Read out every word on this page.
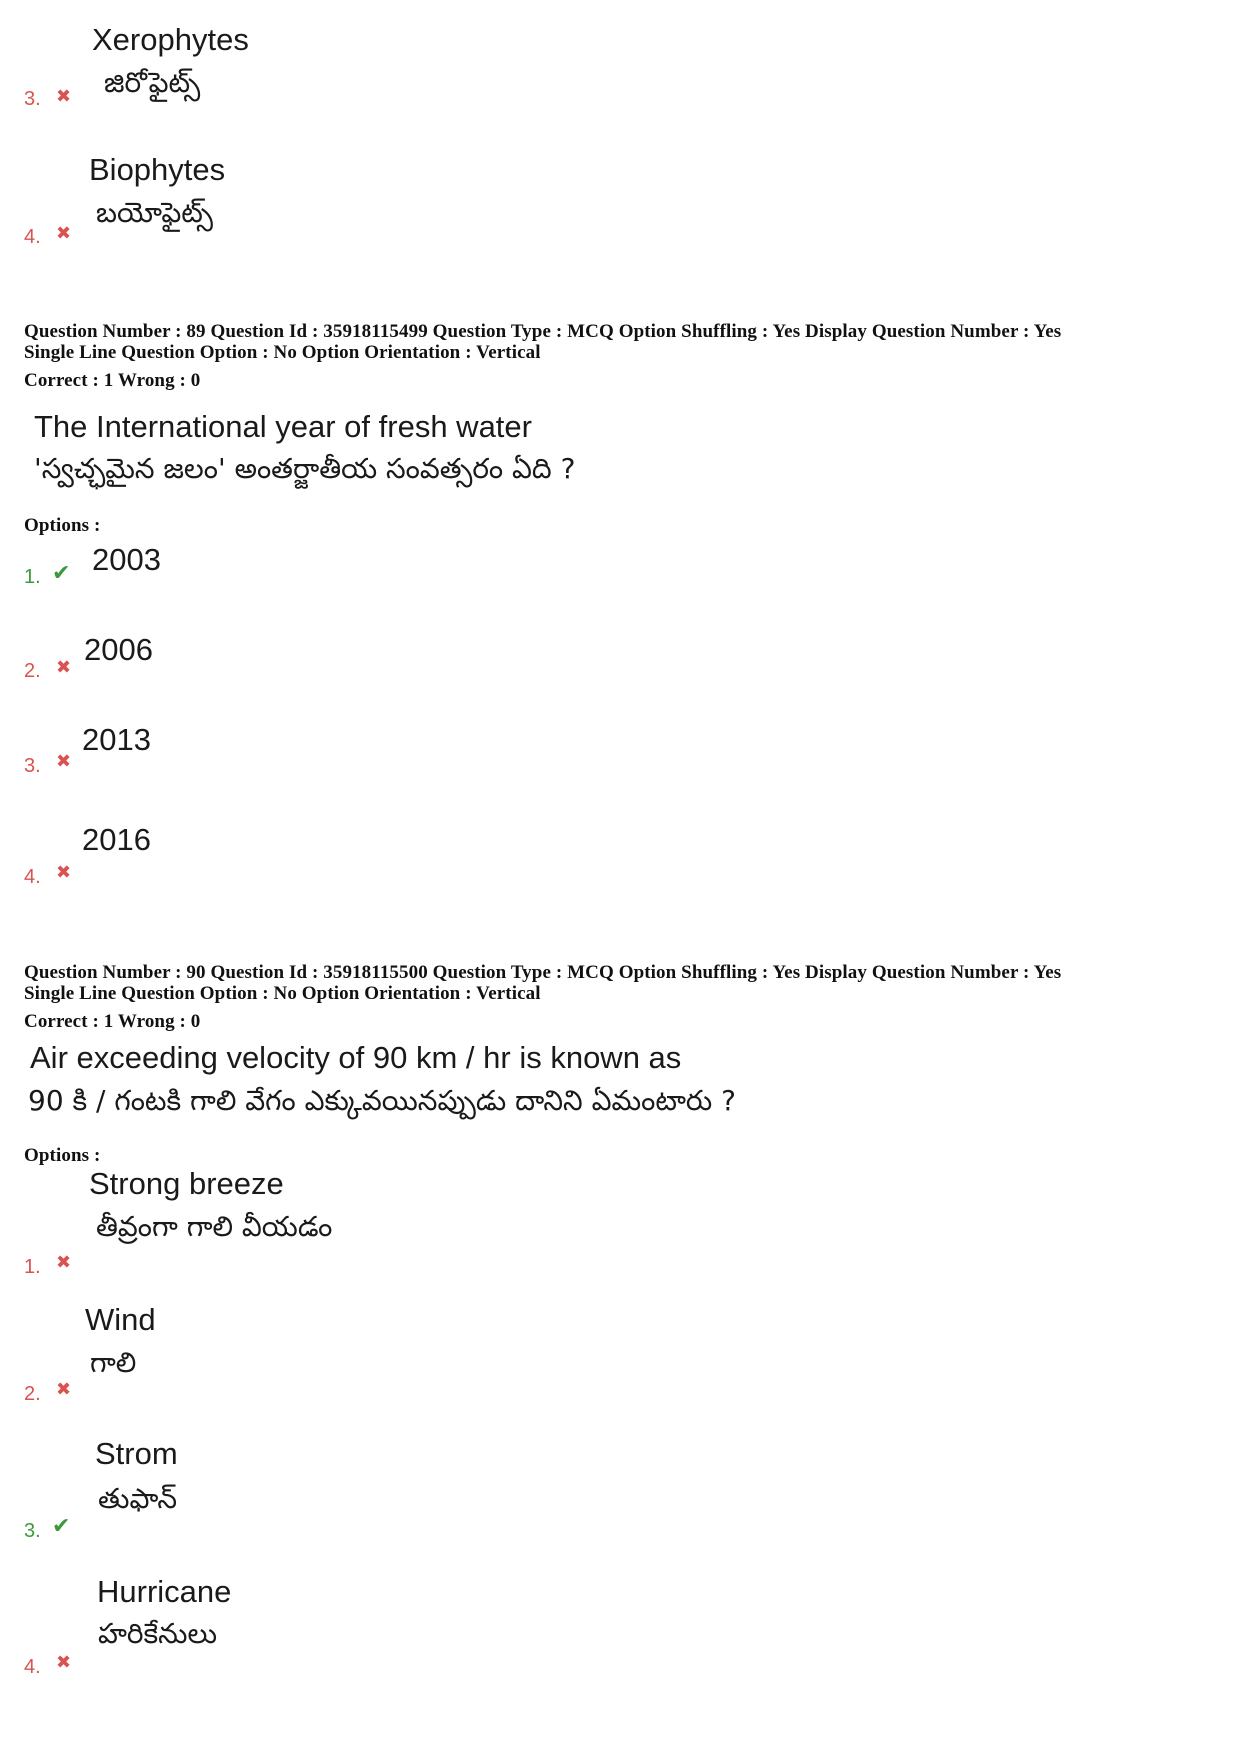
Xerophytes
జిరోఫైట్స్
3. ✖
Biophytes
బయోఫైట్స్
4. ✖
Question Number : 89 Question Id : 35918115499 Question Type : MCQ Option Shuffling : Yes Display Question Number : Yes
Single Line Question Option : No Option Orientation : Vertical
Correct : 1 Wrong : 0
The International year of fresh water
'స్వచ్ఛమైన జలం' అంతర్జాతీయ సంవత్సరం ఏది ?
Options :
2003
1. ✔
2006
2. ✖
2013
3. ✖
2016
4. ✖
Question Number : 90 Question Id : 35918115500 Question Type : MCQ Option Shuffling : Yes Display Question Number : Yes
Single Line Question Option : No Option Orientation : Vertical
Correct : 1 Wrong : 0
Air exceeding velocity of 90 km / hr is known as
90 కి / గంటకి గాలి వేగం ఎక్కువయినప్పుడు దానిని ఏమంటారు ?
Options :
Strong breeze
తీవ్రంగా గాలి వీయడం
1. ✖
Wind
గాలి
2. ✖
Strom
తుఫాన్
3. ✔
Hurricane
హరికేనులు
4. ✖
